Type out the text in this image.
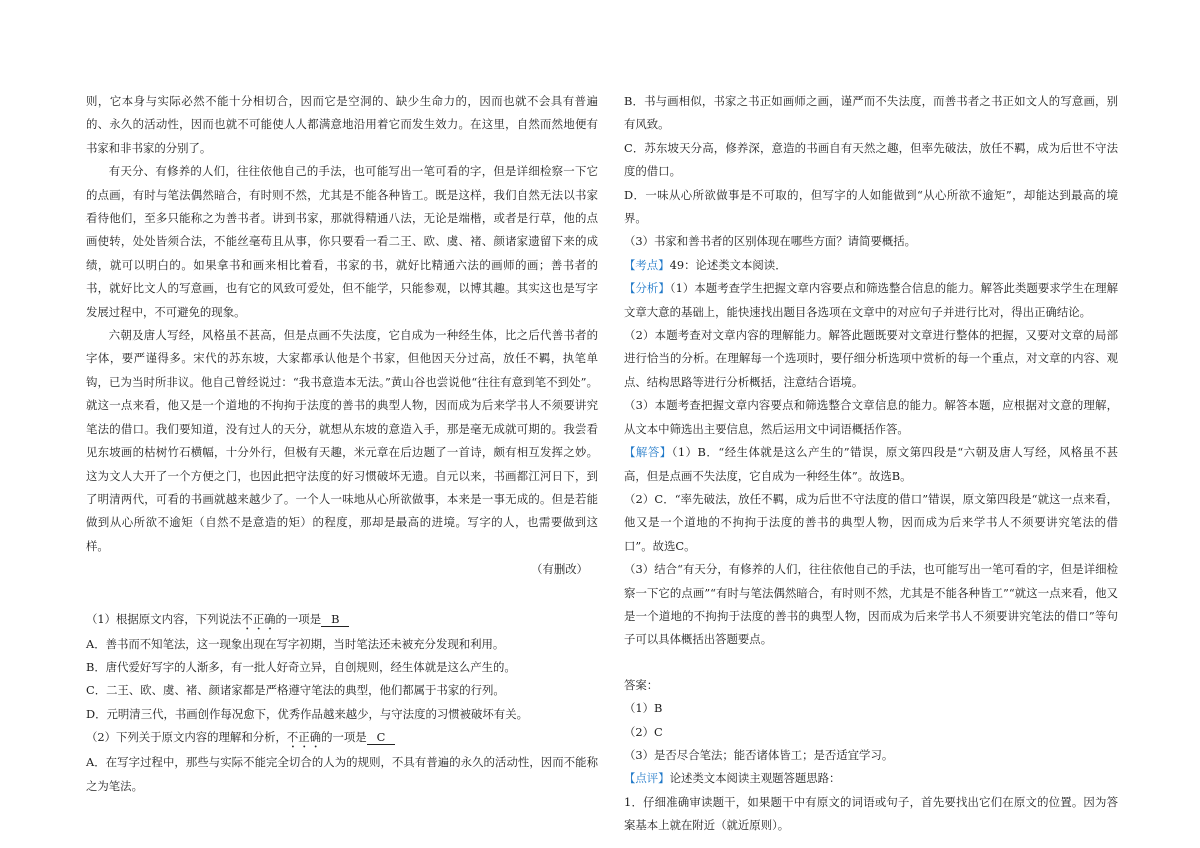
则，它本身与实际必然不能十分相切合，因而它是空洞的、缺少生命力的，因而也就不会具有普遍的、永久的活动性，因而也就不可能使人人都满意地沿用着它而发生效力。在这里，自然而然地便有书家和非书家的分别了。

有天分、有修养的人们，往往依他自己的手法，也可能写出一笔可看的字，但是详细检察一下它的点画，有时与笔法偶然暗合，有时则不然，尤其是不能各种皆工。既是这样，我们自然无法以书家看待他们，至多只能称之为善书者。讲到书家，那就得精通八法，无论是端楷，或者是行草，他的点画使转，处处皆须合法，不能丝毫苟且从事，你只要看一看二王、欧、虞、褚、颜诸家遗留下来的成绩，就可以明白的。如果拿书和画来相比着看，书家的书，就好比精通六法的画师的画；善书者的书，就好比文人的写意画，也有它的风致可爱处，但不能学，只能参观，以博其趣。其实这也是写字发展过程中，不可避免的现象。

六朝及唐人写经，风格虽不甚高，但是点画不失法度，它自成为一种经生体，比之后代善书者的字体，要严谨得多。宋代的苏东坡，大家都承认他是个书家，但他因天分过高，放任不羁，执笔单钩，已为当时所非议。他自己曾经说过：“我书意造本无法。”黄山谷也尝说他“往往有意到笔不到处”。就这一点来看，他又是一个道地的不拘拘于法度的善书的典型人物，因而成为后来学书人不须要讲究笔法的借口。我们要知道，没有过人的天分，就想从东坡的意造入手，那是毫无成就可期的。我尝看见东坡画的枯树竹石横幅，十分外行，但极有天趣，米元章在后边题了一首诗，颇有相互发挥之妙。这为文人大开了一个方便之门，也因此把守法度的好习惯破坏无遗。自元以来，书画都江河日下，到了明清两代，可看的书画就越来越少了。一个人一味地从心所欲做事，本来是一事无成的。但是若能做到从心所欲不逾矩（自然不是意造的矩）的程度，那却是最高的进境。写字的人，也需要做到这样。

（有删改）

（1）根据原文内容，下列说法不正确的一项是 B

A．善书而不知笔法，这一现象出现在写字初期，当时笔法还未被充分发现和利用。

B．唐代爱好写字的人渐多，有一批人好奇立异，自创规则，经生体就是这么产生的。

C．二王、欧、虞、褚、颜诸家都是严格遵守笔法的典型，他们都属于书家的行列。

D．元明清三代，书画创作每况愈下，优秀作品越来越少，与守法度的习惯被破坏有关。

（2）下列关于原文内容的理解和分析，不正确的一项是 C

A．在写字过程中，那些与实际不能完全切合的人为的规则，不具有普遍的永久的活动性，因而不能称之为笔法。

B．书与画相似，书家之书正如画师之画，谨严而不失法度，而善书者之书正如文人的写意画，别有风致。

C．苏东坡天分高，修养深，意造的书画自有天然之趣，但率先破法，放任不羁，成为后世不守法度的借口。

D．一味从心所欲做事是不可取的，但写字的人如能做到“从心所欲不逾矩”，却能达到最高的境界。

（3）书家和善书者的区别体现在哪些方面？请简要概括。

【考点】49：论述类文本阅读．

【分析】（1）本题考查学生把握文章内容要点和筛选整合信息的能力。解答此类题要求学生在理解文章大意的基础上，能快速找出题目各选项在文章中的对应句子并进行比对，得出正确结论。

（2）本题考查对文章内容的理解能力。解答此题既要对文章进行整体的把握，又要对文章的局部进行恰当的分析。在理解每一个选项时，要仔细分析选项中赏析的每一个重点，对文章的内容、观点、结构思路等进行分析概括，注意结合语境。

（3）本题考查把握文章内容要点和筛选整合文章信息的能力。解答本题，应根据对文意的理解，从文本中筛选出主要信息，然后运用文中词语概括作答。

【解答】（1）B．“经生体就是这么产生的”错误，原文第四段是“六朝及唐人写经，风格虽不甚高，但是点画不失法度，它自成为一种经生体”。故选B。

（2）C．“率先破法，放任不羁，成为后世不守法度的借口”错误，原文第四段是“就这一点来看，他又是一个道地的不拘拘于法度的善书的典型人物，因而成为后来学书人不须要讲究笔法的借口”。故选C。

（3）结合“有天分，有修养的人们，往往依他自己的手法，也可能写出一笔可看的字，但是详细检察一下它的点画”“有时与笔法偶然暗合，有时则不然，尤其是不能各种皆工”“就这一点来看，他又是一个道地的不拘拘于法度的善书的典型人物，因而成为后来学书人不须要讲究笔法的借口”等句子可以具体概括出答题要点。

答案：

（1）B

（2）C

（3）是否尽合笔法；能否诸体皆工；是否适宜学习。

【点评】论述类文本阅读主观题答题思路：

1．仔细准确审读题干，如果题干中有原文的词语或句子，首先要找出它们在原文的位置。因为答案基本上就在附近（就近原则）。
